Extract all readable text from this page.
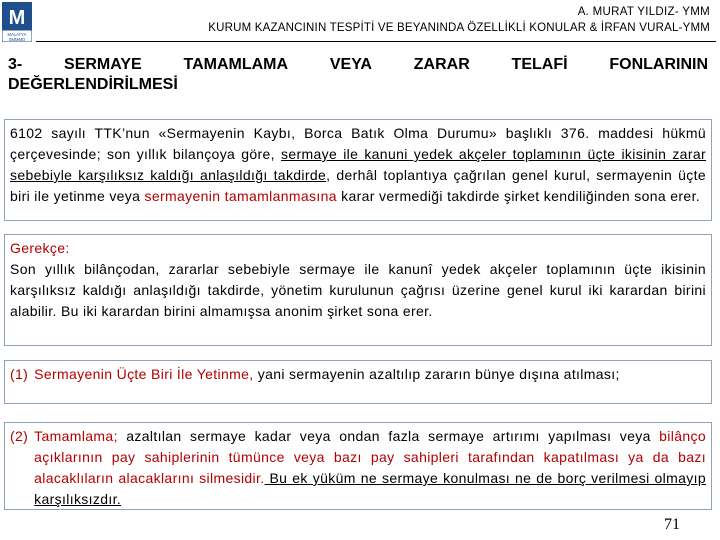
M
MALATYA
SMMMO
A. MURAT YILDIZ- YMM
KURUM KAZANCININ TESPİTİ VE BEYANINDA ÖZELLİKLİ KONULAR & İRFAN VURAL-YMM
3-	SERMAYE	TAMAMLAMA	VEYA	ZARAR	TELAFİ	FONLARININ
DEĞERLENDİRİLMESİ
6102 sayılı TTK’nun «Sermayenin Kaybı, Borca Batık Olma Durumu» başlıklı 376. maddesi hükmü çerçevesinde; son yıllık bilançoya göre, sermaye ile kanuni yedek akçeler toplamının üçte ikisinin zarar sebebiyle karşılıksız kaldığı anlaşıldığı takdirde, derhâl toplantıya çağrılan genel kurul, sermayenin üçte biri ile yetinme veya sermayenin tamamlanmasına karar vermediği takdirde şirket kendiliğinden sona erer.
Gerekçe:
Son yıllık bilânçodan, zararlar sebebiyle sermaye ile kanunî yedek akçeler toplamının üçte ikisinin karşılıksız kaldığı anlaşıldığı takdirde, yönetim kurulunun çağrısı üzerine genel kurul iki karardan birini alabilir. Bu iki karardan birini almamışsa anonim şirket sona erer.
(1) Sermayenin Üçte Biri İle Yetinme, yani sermayenin azaltılıp zararın bünye dışına atılması;
(2) Tamamlama; azaltılan sermaye kadar veya ondan fazla sermaye artırımı yapılması veya bilânço açıklarının pay sahiplerinin tümünce veya bazı pay sahipleri tarafından kapatılması ya da bazı alacaklıların alacaklarını silmesidir. Bu ek yüküm ne sermaye konulması ne de borç verilmesi olmayıp karşılıksızdır.
71
